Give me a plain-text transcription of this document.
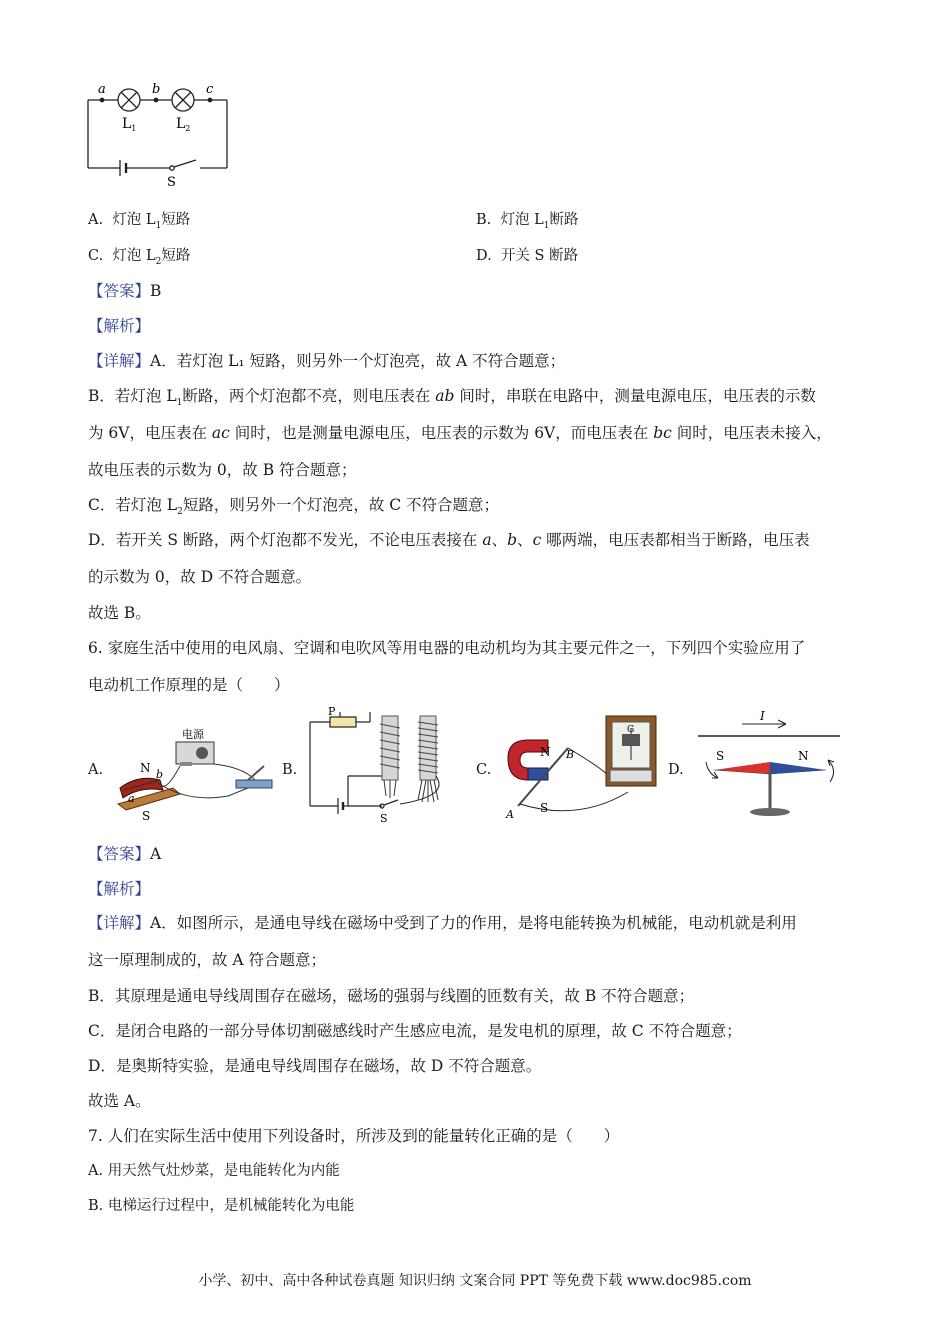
a	b	c
$L_1$	$L_2$
S
A. 灯泡 $L_1$短路	B. 灯泡 $L_1$断路
C. 灯泡 $L_2$短路	D. 开关 S 断路
【答案】B
【解析】
【详解】A．若灯泡 L₁ 短路，则另外一个灯泡亮，故 A 不符合题意；
B．若灯泡 $L_1$断路，两个灯泡都不亮，则电压表在 ab 间时，串联在电路中，测量电源电压，电压表的示数
为 6V，电压表在 ac 间时，也是测量电源电压，电压表的示数为 6V，而电压表在 bc 间时，电压表未接入，
故电压表的示数为 0，故 B 符合题意；
C．若灯泡 $L_2$短路，则另外一个灯泡亮，故 C 不符合题意；
D．若开关 S 断路，两个灯泡都不发光，不论电压表接在 a、b、c 哪两端，电压表都相当于断路，电压表
的示数为 0，故 D 不符合题意。
故选 B。
6. 家庭生活中使用的电风扇、空调和电吹风等用电器的电动机均为其主要元件之一，下列四个实验应用了
电动机工作原理的是（　　）
A.
电源
N
S
b
a
B.
P
S
C.
G
N
S
A
B
D.
I
S	N
【答案】A
【解析】
【详解】A．如图所示，是通电导线在磁场中受到了力的作用，是将电能转换为机械能，电动机就是利用
这一原理制成的，故 A 符合题意；
B．其原理是通电导线周围存在磁场，磁场的强弱与线圈的匝数有关，故 B 不符合题意；
C．是闭合电路的一部分导体切割磁感线时产生感应电流，是发电机的原理，故 C 不符合题意；
D．是奥斯特实验，是通电导线周围存在磁场，故 D 不符合题意。
故选 A。
7. 人们在实际生活中使用下列设备时，所涉及到的能量转化正确的是（　　）
A. 用天然气灶炒菜，是电能转化为内能
B. 电梯运行过程中，是机械能转化为电能
小学、初中、高中各种试卷真题 知识归纳 文案合同 PPT 等免费下载 www.doc985.com
